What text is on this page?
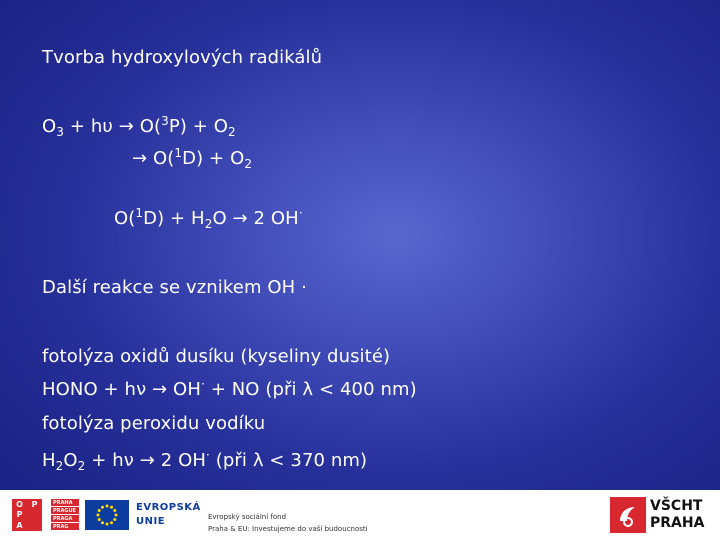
Tvorba hydroxylových radikálů
$O_3 + h\upsilon \to O(^3P) + O_2$
→ $O(^1D) + O_2$
$O(^1D) + H_2O \to 2$ OH·
Další reakce se vznikem OH ·
fotolýza oxidů dusíku (kyseliny dusité)
HONO + hν → OH· + NO (při λ < 400 nm)
fotolýza peroxidu vodíku
$H_2O_2 + h\nu \to 2$ OH· (při λ < 370 nm)
O	P
P
A
PRAHA
PRAGUE
PRAGA
PRAG
EVROPSKÁ
UNIE	Evropský sociální fond
Praha & EU: Investujeme do vaší budoucnosti
VŠCHT
PRAHA
